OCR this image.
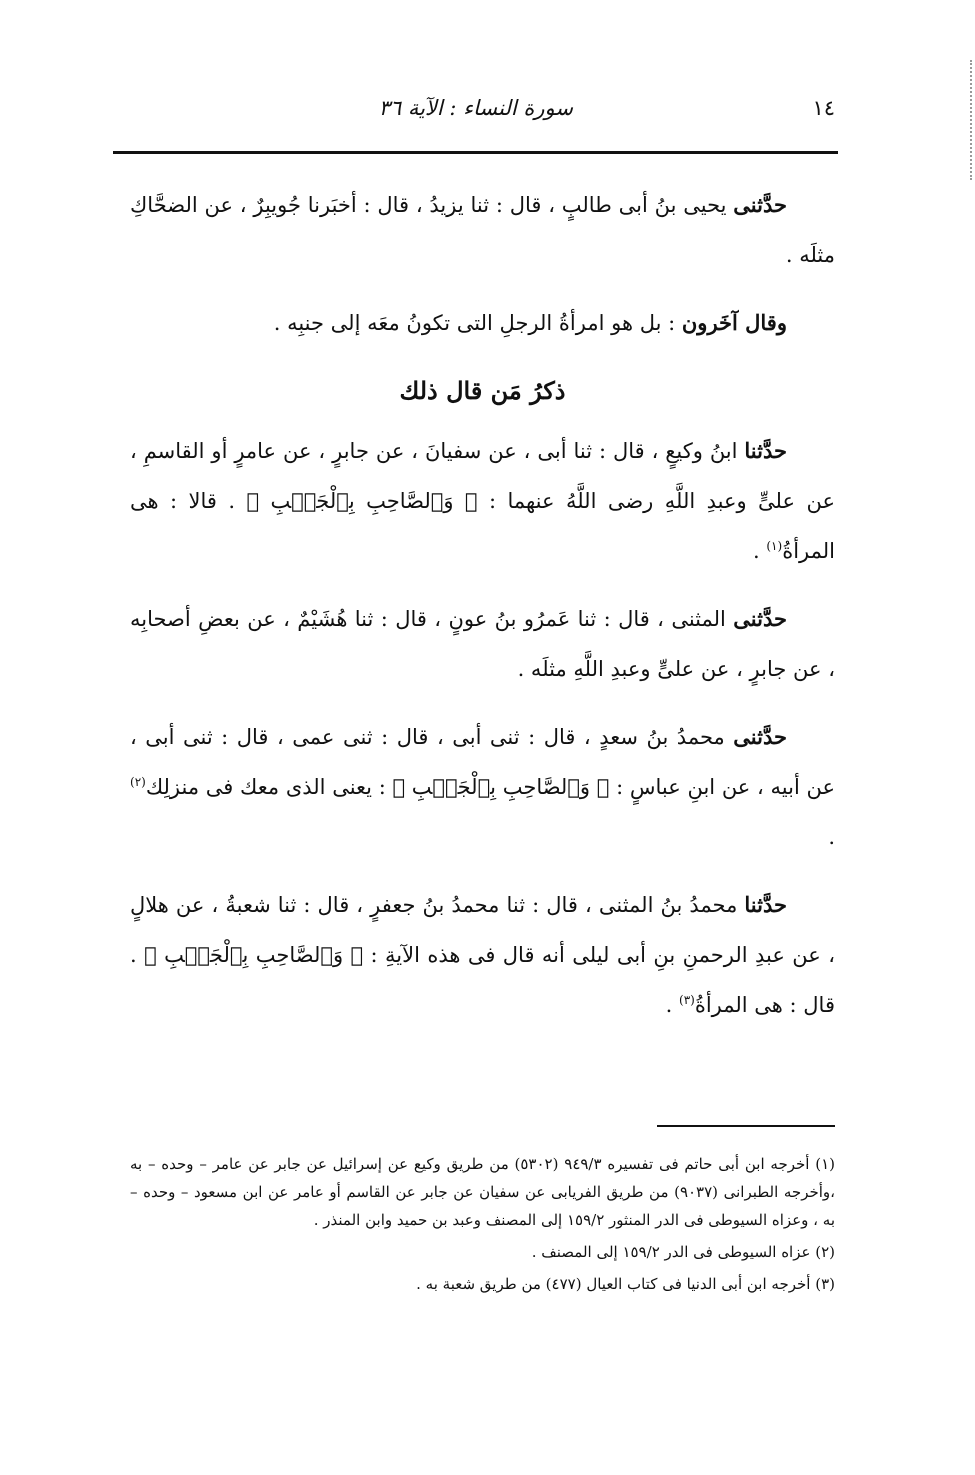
١٤
سورة النساء : الآية ٣٦

حدَّثنى يحيى بنُ أبى طالبٍ ، قال : ثنا يزيدُ ، قال : أخبَرنا جُويبِرٌ ، عن الضحَّاكِ مثلَه .

وقال آخَرون : بل هو امرأةُ الرجلِ التى تكونُ معَه إلى جنبِه .

ذكرُ مَن قال ذلك

حدَّثنا ابنُ وكيعٍ ، قال : ثنا أبى ، عن سفيانَ ، عن جابرٍ ، عن عامرٍ أو القاسمِ ، عن علىٍّ وعبدِ اللَّهِ رضى اللَّهُ عنهما : ﴿ وَٱلصَّاحِبِ بِٱلْجَنۢبِ ﴾ . قالا : هى المرأةُ$^{(١)}$ .

حدَّثنى المثنى ، قال : ثنا عَمرُو بنُ عونٍ ، قال : ثنا هُشَيْمٌ ، عن بعضِ أصحابِه ، عن جابرٍ ، عن علىٍّ وعبدِ اللَّهِ مثلَه .

حدَّثنى محمدُ بنُ سعدٍ ، قال : ثنى أبى ، قال : ثنى عمى ، قال : ثنى أبى ، عن أبيه ، عن ابنِ عباسٍ : ﴿ وَٱلصَّاحِبِ بِٱلْجَنۢبِ ﴾ : يعنى الذى معك فى منزلِك$^{(٢)}$ .

حدَّثنا محمدُ بنُ المثنى ، قال : ثنا محمدُ بنُ جعفرٍ ، قال : ثنا شعبةُ ، عن هلالٍ ، عن عبدِ الرحمنِ بنِ أبى ليلى أنه قال فى هذه الآيةِ : ﴿ وَٱلصَّاحِبِ بِٱلْجَنۢبِ ﴾ . قال : هى المرأةُ$^{(٣)}$ .

(١) أخرجه ابن أبى حاتم فى تفسيره ٩٤٩/٣ (٥٣٠٢) من طريق وكيع عن إسرائيل عن جابر عن عامر – وحده – به ،وأخرجه الطبرانى (٩٠٣٧) من طريق الفريابى عن سفيان عن جابر عن القاسم أو عامر عن ابن مسعود – وحده – به ، وعزاه السيوطى فى الدر المنثور ١٥٩/٢ إلى المصنف وعبد بن حميد وابن المنذر .

(٢) عزاه السيوطى فى الدر ١٥٩/٢ إلى المصنف .

(٣) أخرجه ابن أبى الدنيا فى كتاب العيال (٤٧٧) من طريق شعبة به .
